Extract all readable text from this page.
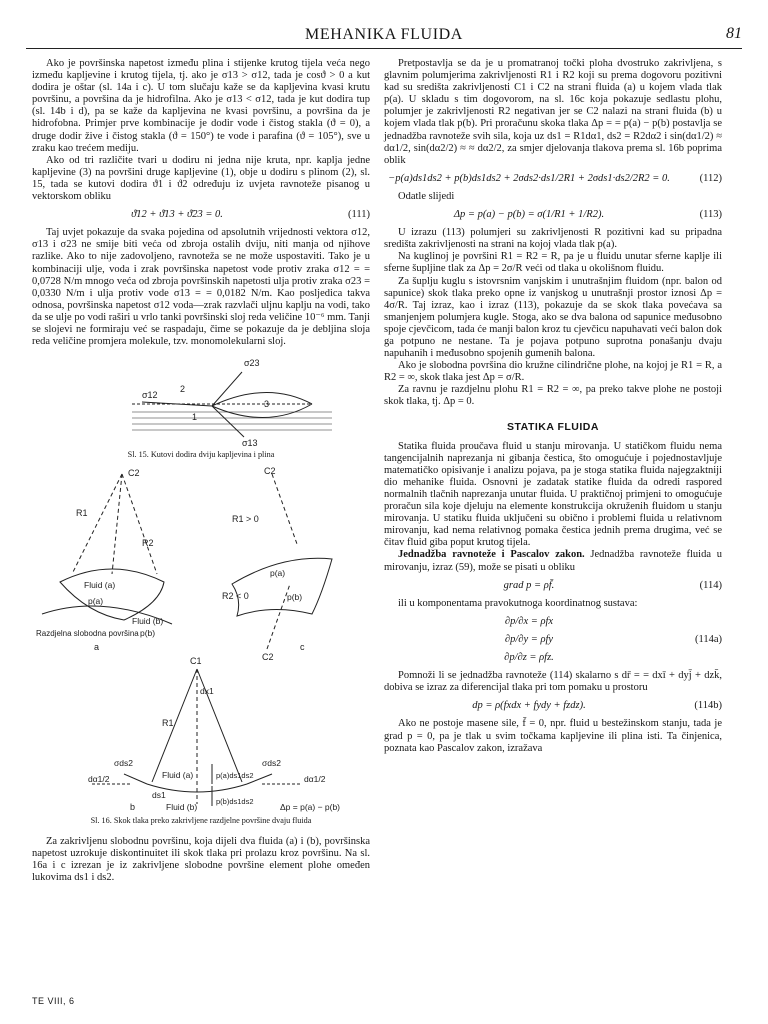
MEHANIKA FLUIDA	81

Ako je površinska napetost između plina i stijenke krutog tijela veća nego između kapljevine i krutog tijela, tj. ako je σ13 > σ12, tada je cosϑ > 0 a kut dodira je oštar (sl. 14a i c). U tom slučaju kaže se da kapljevina kvasi krutu površinu, a površina da je hidrofilna. Ako je σ13 < σ12, tada je kut dodira tup (sl. 14b i d), pa se kaže da kapljevina ne kvasi površinu, a površina da je hidrofobna. Primjer prve kombinacije je dodir vode i čistog stakla (ϑ = 0), a druge dodir žive i čistog stakla (ϑ = 150°) te vode i parafina (ϑ = 105°), sve u zraku kao trećem mediju.

Ako od tri različite tvari u dodiru ni jedna nije kruta, npr. kapljа jedne kapljevine (3) na površini druge kapljevine (1), obje u dodiru s plinom (2), sl. 15, tada se kutovi dodira ϑ1 i ϑ2 određuju iz uvjeta ravnoteže pisanog u vektorskom obliku

ϑ̄12 + ϑ̄13 + ϑ̄23 = 0.	(111)

Taj uvjet pokazuje da svaka pojedina od apsolutnih vrijednosti vektora σ12, σ13 i σ23 ne smije biti veća od zbroja ostalih dviju, niti manja od njihove razlike. Ako to nije zadovoljeno, ravnoteža se ne može uspostaviti. Tako je u kombinaciji ulje, voda i zrak površinska napetost vode protiv zraka σ12 = = 0,0728 N/m mnogo veća od zbroja površinskih napetosti ulja protiv zraka σ23 = 0,0330 N/m i ulja protiv vode σ13 = = 0,0182 N/m. Kao posljedica takva odnosa, površinska napetost σ12 voda—zrak razvlači uljnu kaplju na vodi, tako da se ulje po vodi raširi u vrlo tanki površinski sloj reda veličine 10⁻⁶ mm. Tanji se slojevi ne formiraju već se raspadaju, čime se pokazuje da je debljina sloja reda veličine promjera molekule, tzv. monomolekularni sloj.

σ23
σ12
σ13
2
1
3
Sl. 15. Kutovi dodira dviju kapljevina i plina
C2
R1
R2
Fluid (a)
p(a)
Fluid (b)
p(b)
Razdjelna slobodna površina
a
C2
R1 > 0
R2 < 0
p(a)
p(b)
C2
c
C1
dx1
R1
σds2	σds2
dα1/2	dα1/2
Fluid (a)	p(a)ds1ds2
ds1
Fluid (b)
p(b)ds1ds2
b	Δp = p(a) − p(b)
Sl. 16. Skok tlaka preko zakrivljene razdjelne površine dvaju fluida

Za zakrivljenu slobodnu površinu, koja dijeli dva fluida (a) i (b), površinska napetost uzrokuje diskontinuitet ili skok tlaka pri prolazu kroz površinu. Na sl. 16a i c izrezan je iz zakrivljene slobodne površine element plohe omeđen lukovima ds1 i ds2.

Pretpostavlja se da je u promatranoj točki ploha dvostruko zakrivljena, s glavnim polumjerima zakrivljenosti R1 i R2 koji su prema dogovoru pozitivni kad su središta zakrivljenosti C1 i C2 na strani fluida (a) u kojem vlada tlak p(a). U skladu s tim dogovorom, na sl. 16c koja pokazuje sedlastu plohu, polumjer je zakrivljenosti R2 negativan jer se C2 nalazi na strani fluida (b) u kojem vlada tlak p(b). Pri proračunu skoka tlaka Δp = = p(a) − p(b) postavlja se jednadžba ravnoteže svih sila, koja uz ds1 = R1dα1, ds2 = R2dα2 i sin(dα1/2) ≈ dα1/2, sin(dα2/2) ≈ ≈ dα2/2, za smjer djelovanja tlakova prema sl. 16b poprima oblik

−p(a)ds1ds2 + p(b)ds1ds2 + 2σds2·ds1/2R1 + 2σds1·ds2/2R2 = 0.	(112)

Odatle slijedi

Δp = p(a) − p(b) = σ(1/R1 + 1/R2).	(113)

U izrazu (113) polumjeri su zakrivljenosti R pozitivni kad su pripadna središta zakrivljenosti na strani na kojoj vlada tlak p(a).

Na kuglinoj je površini R1 = R2 = R, pa je u fluidu unutar sferne kaplje ili sferne šupljine tlak za Δp = 2σ/R veći od tlaka u okolišnom fluidu.

Za šuplju kuglu s istovrsnim vanjskim i unutrašnjim fluidom (npr. balon od sapunice) skok tlaka preko opne iz vanjskog u unutrašnji prostor iznosi Δp = 4σ/R. Taj izraz, kao i izraz (113), pokazuje da se skok tlaka povećava sa smanjenjem polumjera kugle. Stoga, ako se dva balona od sapunice međusobno spoje cjevčicom, tada će manji balon krоz tu cjevčicu napuhavati veći balon dok ga potpuno ne nestane. Ta je pojava potpuno suprotna ponašanju dvaju napuhanih i međusobno spojenih gumenih balona.

Ako je slobodna površina dio kružne cilindrične plohe, na kojoj je R1 = R, a R2 = ∞, skok tlaka jest Δp = σ/R.

Za ravnu je razdjelnu plohu R1 = R2 = ∞, pa preko takve plohe ne postoji skok tlaka, tj. Δp = 0.

STATIKA FLUIDA

Statika fluida proučava fluid u stanju mirovanja. U statičkom fluidu nema tangencijalnih naprezanja ni gibanja čestica, što omogućuje i pojednostavljuje matematičko opisivanje i analizu pojava, pa je stoga statika fluida najegzaktniji dio mehanike fluida. Osnovni je zadatak statike fluida da odredi raspored normalnih tlačnih naprezanja unutar fluida. U praktičnoj primjeni to omogućuje proračun sila koje djeluju na elemente konstrukcija okruženih fluidom u stanju mirovanja. U statiku fluida uključeni su obično i problemi fluida u relativnom mirovanju, kad nema relativnog pomaka čestica jednih prema drugima, već se čitav fluid giba poput krutog tijela.

Jednadžba ravnoteže i Pascalov zakon. Jednadžba ravnoteže fluida u mirovanju, izraz (59), može se pisati u obliku

grad p = ρf̄.	(114)

ili u komponentama pravokutnoga koordinatnog sustava:

∂p/∂x = ρfx
∂p/∂y = ρfy
∂p/∂z = ρfz.
(114a)

Pomnoži li se jednadžba ravnoteže (114) skalarno s dr̄ = = dxī + dyj̄ + dzk̄, dobiva se izraz za diferencijal tlaka pri tom pomaku u prostoru

dp = ρ(fxdx + fydy + fzdz).	(114b)

Ako ne postoje masene sile, f̄ = 0, npr. fluid u bestežinskom stanju, tada je grad p = 0, pa je tlak u svim točkama kapljevine ili plina isti. Ta činjenica, poznata kao Pascalov zakon, izražava

TE VIII, 6
